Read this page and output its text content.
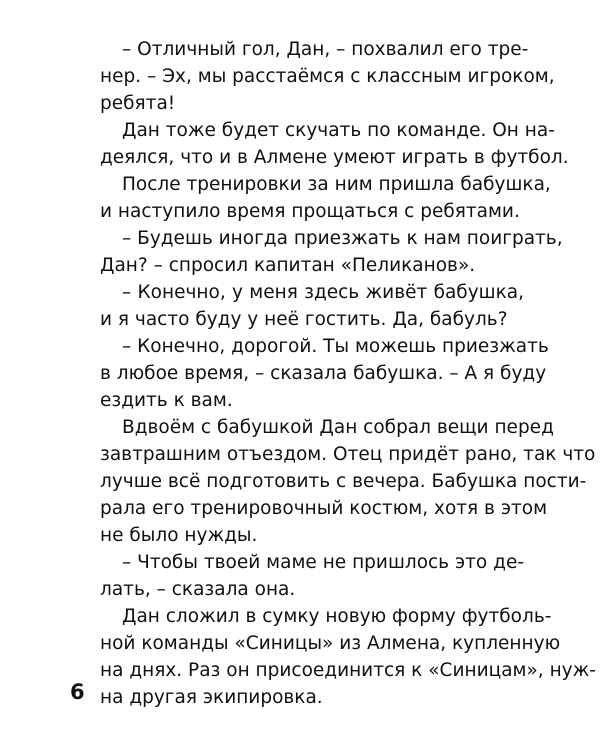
– Отличный гол, Дан, – похвалил его тре-
нер. – Эх, мы расстаёмся с классным игроком,
ребята!
Дан тоже будет скучать по команде. Он на-
деялся, что и в Алмене умеют играть в футбол.
После тренировки за ним пришла бабушка,
и наступило время прощаться с ребятами.
– Будешь иногда приезжать к нам поиграть,
Дан? – спросил капитан «Пеликанов».
– Конечно, у меня здесь живёт бабушка,
и я часто буду у неё гостить. Да, бабуль?
– Конечно, дорогой. Ты можешь приезжать
в любое время, – сказала бабушка. – А я буду
ездить к вам.
Вдвоём с бабушкой Дан собрал вещи перед
завтрашним отъездом. Отец придёт рано, так что
лучше всё подготовить с вечера. Бабушка пости-
рала его тренировочный костюм, хотя в этом
не было нужды.
– Чтобы твоей маме не пришлось это де-
лать, – сказала она.
Дан сложил в сумку новую форму футболь-
ной команды «Синицы» из Алмена, купленную
на днях. Раз он присоединится к «Синицам», нуж-
на другая экипировка.
6
